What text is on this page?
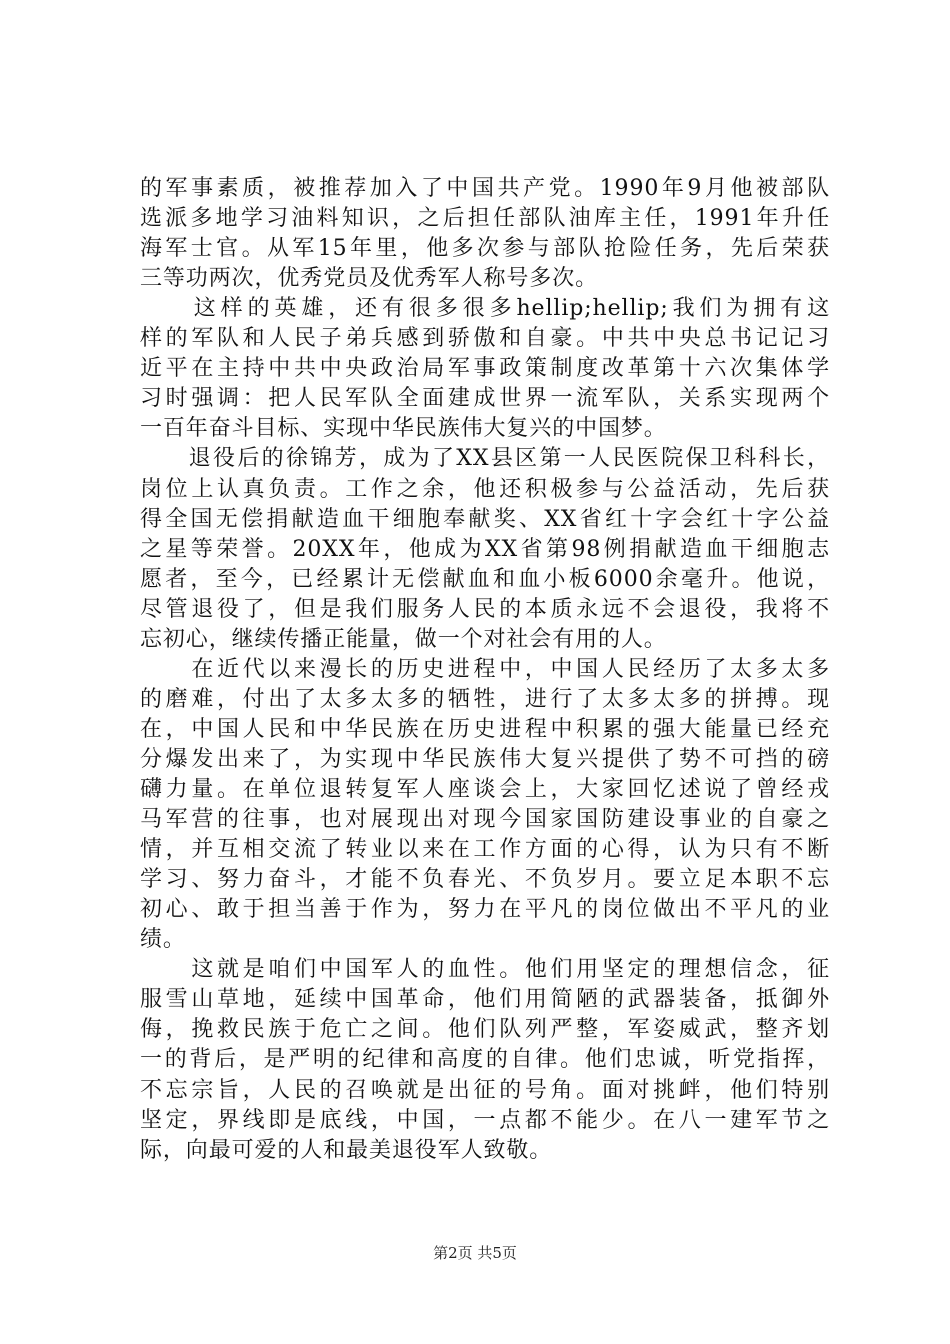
的军事素质，被推荐加入了中国共产党。1990年9月他被部队
选派多地学习油料知识，之后担任部队油库主任，1991年升任
海军士官。从军15年里，他多次参与部队抢险任务，先后荣获
三等功两次，优秀党员及优秀军人称号多次。
　　这样的英雄，还有很多很多hellip;hellip;我们为拥有这
样的军队和人民子弟兵感到骄傲和自豪。中共中央总书记记习
近平在主持中共中央政治局军事政策制度改革第十六次集体学
习时强调：把人民军队全面建成世界一流军队，关系实现两个
一百年奋斗目标、实现中华民族伟大复兴的中国梦。
　　退役后的徐锦芳，成为了XX县区第一人民医院保卫科科长，
岗位上认真负责。工作之余，他还积极参与公益活动，先后获
得全国无偿捐献造血干细胞奉献奖、XX省红十字会红十字公益
之星等荣誉。20XX年，他成为XX省第98例捐献造血干细胞志
愿者，至今，已经累计无偿献血和血小板6000余毫升。他说，
尽管退役了，但是我们服务人民的本质永远不会退役，我将不
忘初心，继续传播正能量，做一个对社会有用的人。
　　在近代以来漫长的历史进程中，中国人民经历了太多太多
的磨难，付出了太多太多的牺牲，进行了太多太多的拼搏。现
在，中国人民和中华民族在历史进程中积累的强大能量已经充
分爆发出来了，为实现中华民族伟大复兴提供了势不可挡的磅
礴力量。在单位退转复军人座谈会上，大家回忆述说了曾经戎
马军营的往事，也对展现出对现今国家国防建设事业的自豪之
情，并互相交流了转业以来在工作方面的心得，认为只有不断
学习、努力奋斗，才能不负春光、不负岁月。要立足本职不忘
初心、敢于担当善于作为，努力在平凡的岗位做出不平凡的业
绩。
　　这就是咱们中国军人的血性。他们用坚定的理想信念，征
服雪山草地，延续中国革命，他们用简陋的武器装备，抵御外
侮，挽救民族于危亡之间。他们队列严整，军姿威武，整齐划
一的背后，是严明的纪律和高度的自律。他们忠诚，听党指挥，
不忘宗旨，人民的召唤就是出征的号角。面对挑衅，他们特别
坚定，界线即是底线，中国，一点都不能少。在八一建军节之
际，向最可爱的人和最美退役军人致敬。
第2页 共5页
